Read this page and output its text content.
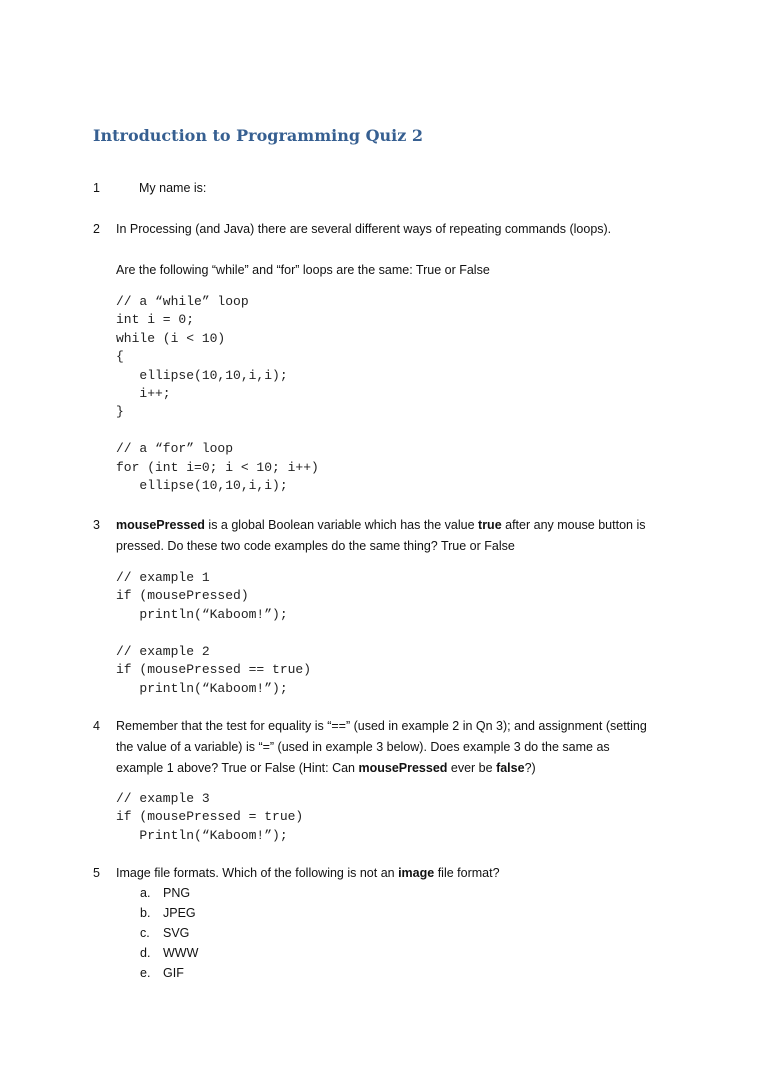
Introduction to Programming Quiz 2
1	My name is:
2 In Processing (and Java) there are several different ways of repeating commands (loops).
Are the following “while” and “for” loops are the same: True or False
// a “while” loop
int i = 0;
while (i < 10)
{
ellipse(10,10,i,i);
i++;
}
// a “for” loop
for (int i=0; i < 10; i++)
ellipse(10,10,i,i);
3 mousePressed is a global Boolean variable which has the value true after any mouse button is
pressed. Do these two code examples do the same thing? True or False
// example 1
if (mousePressed)
println(“Kaboom!”);
// example 2
if (mousePressed == true)
println(“Kaboom!”);
4 Remember that the test for equality is “==” (used in example 2 in Qn 3); and assignment (setting
the value of a variable) is “=” (used in example 3 below). Does example 3 do the same as
example 1 above? True or False (Hint: Can mousePressed ever be false?)
// example 3
if (mousePressed = true)
Println(“Kaboom!”);
5 Image file formats. Which of the following is not an image file format?
a. PNG
b. JPEG
c. SVG
d. WWW
e. GIF
